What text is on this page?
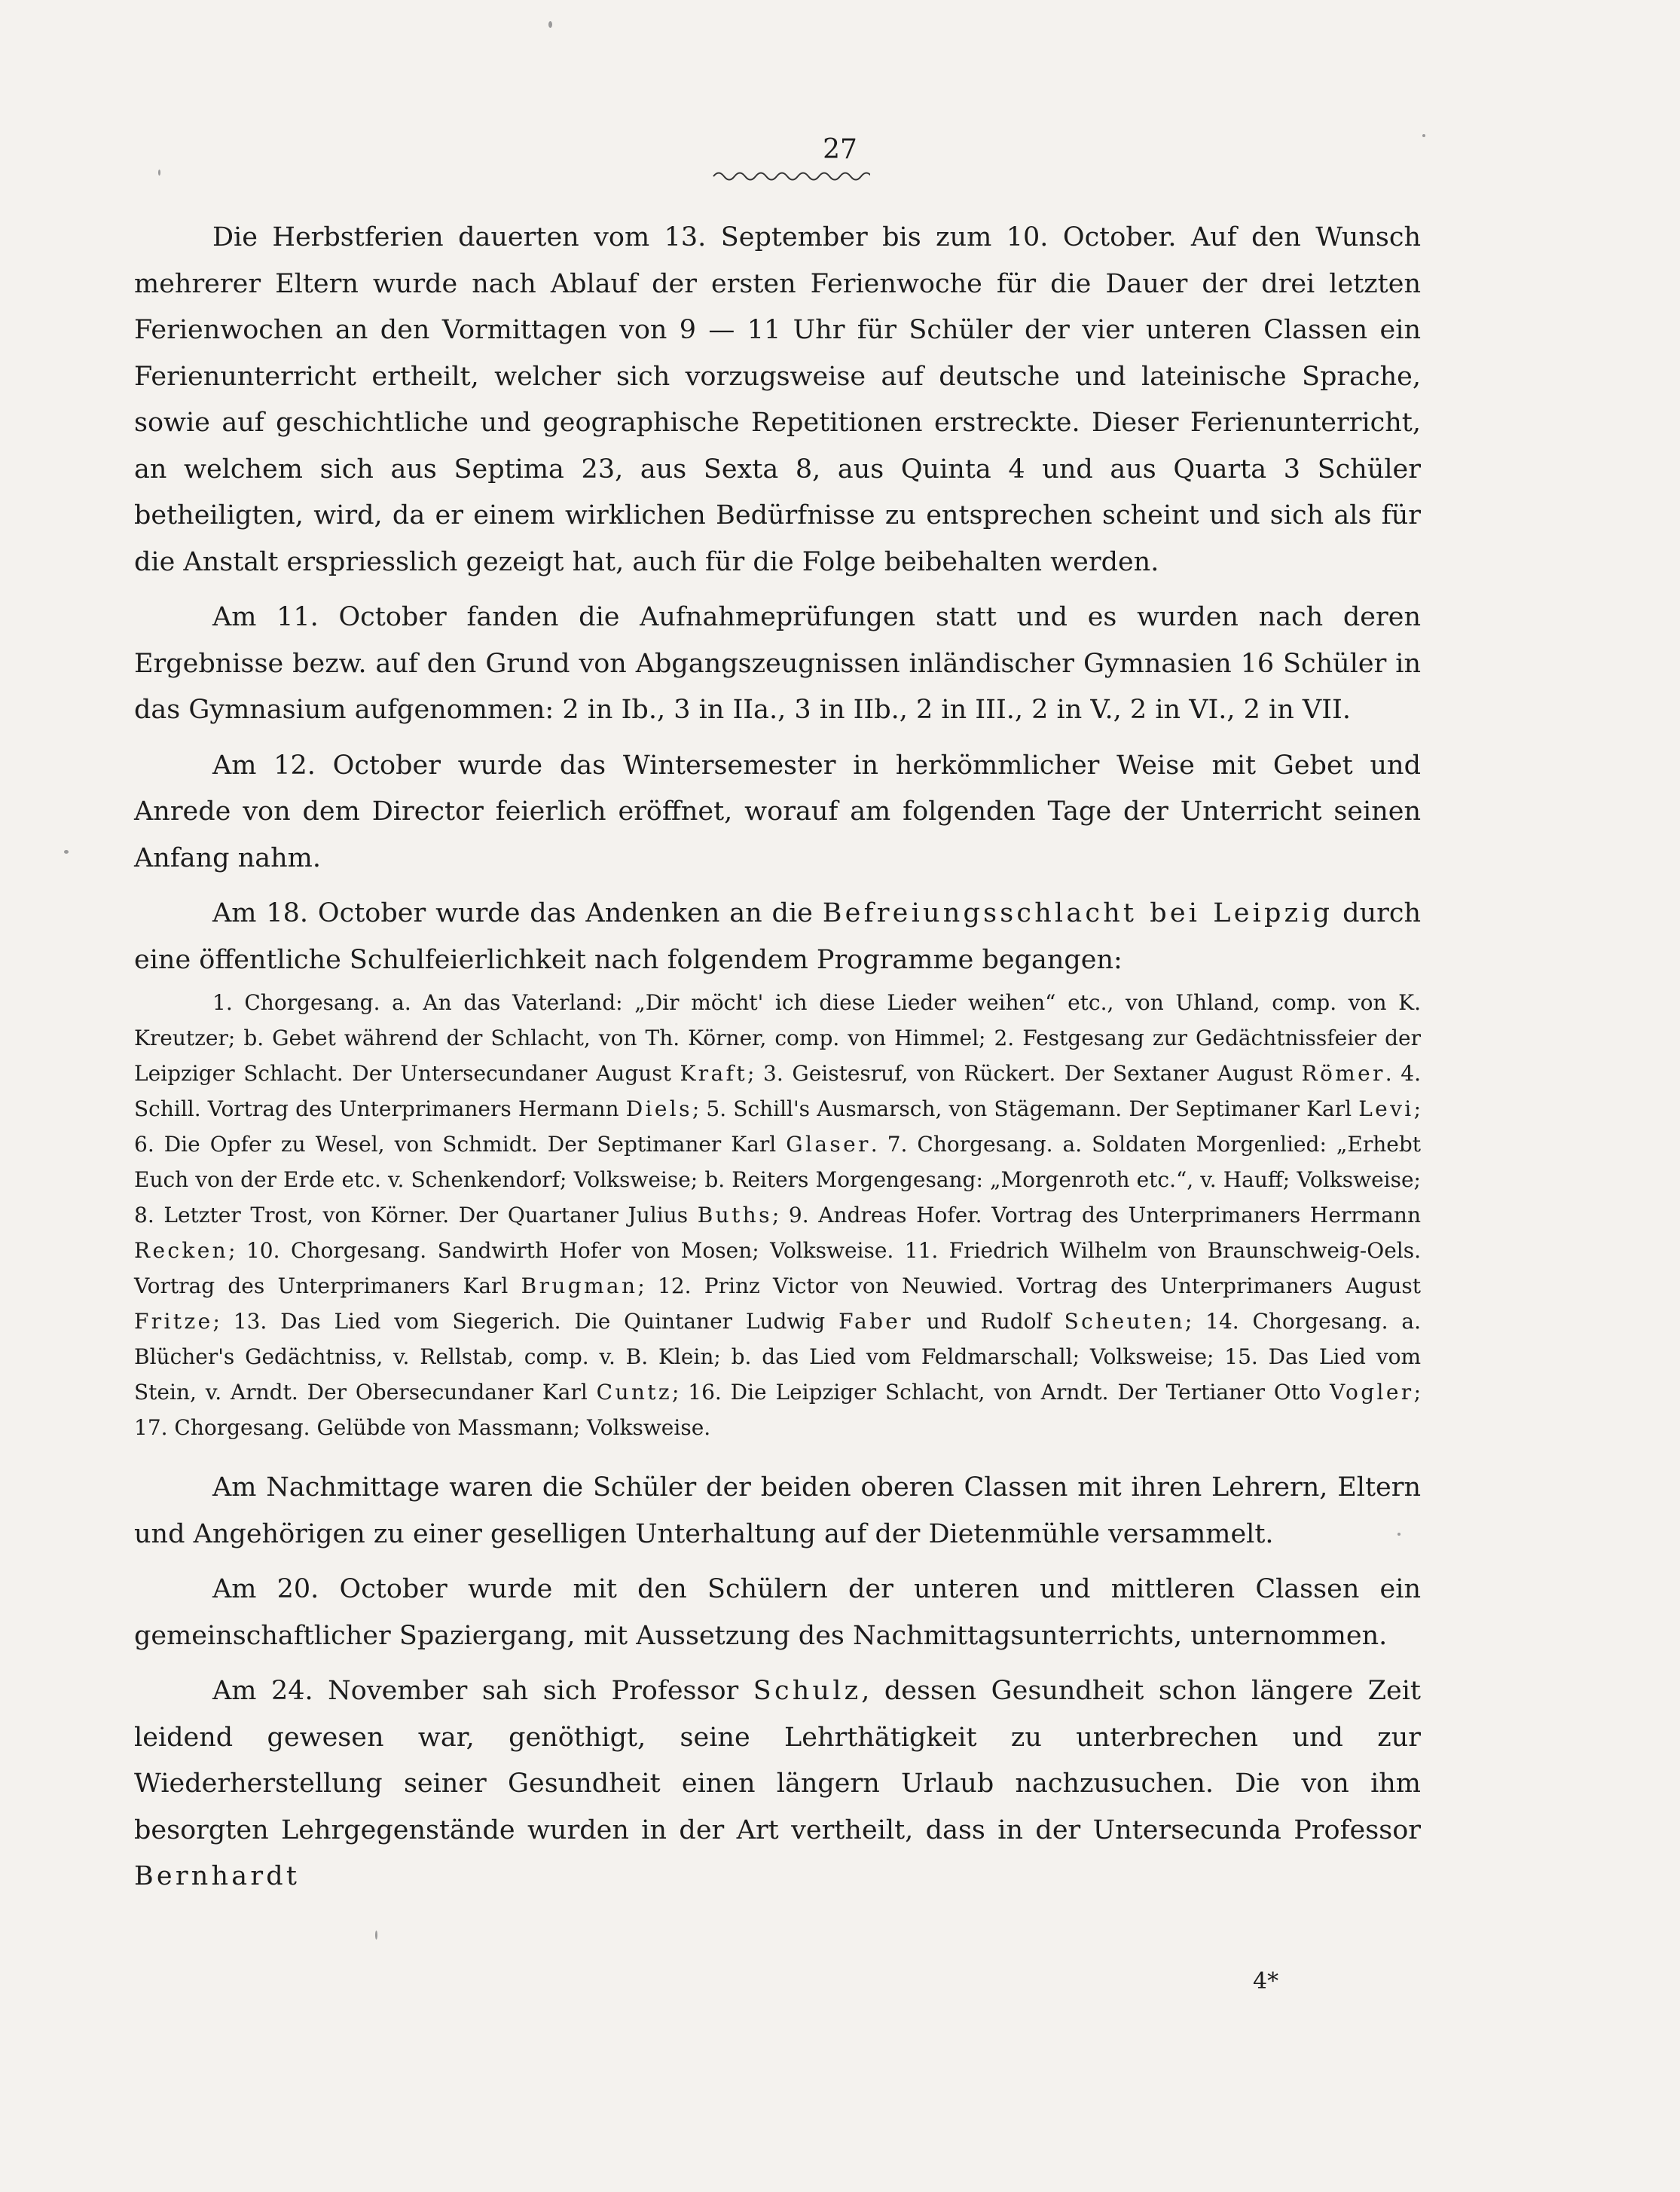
27

Die Herbstferien dauerten vom 13. September bis zum 10. October. Auf den Wunsch mehrerer Eltern wurde nach Ablauf der ersten Ferienwoche für die Dauer der drei letzten Ferienwochen an den Vormittagen von 9 — 11 Uhr für Schüler der vier unteren Classen ein Ferienunterricht ertheilt, welcher sich vorzugsweise auf deutsche und lateinische Sprache, sowie auf geschichtliche und geographische Repetitionen erstreckte. Dieser Ferienunterricht, an welchem sich aus Septima 23, aus Sexta 8, aus Quinta 4 und aus Quarta 3 Schüler betheiligten, wird, da er einem wirklichen Bedürfnisse zu entsprechen scheint und sich als für die Anstalt erspriesslich gezeigt hat, auch für die Folge beibehalten werden.

Am 11. October fanden die Aufnahmeprüfungen statt und es wurden nach deren Ergebnisse bezw. auf den Grund von Abgangszeugnissen inländischer Gymnasien 16 Schüler in das Gymnasium aufgenommen: 2 in Ib., 3 in IIa., 3 in IIb., 2 in III., 2 in V., 2 in VI., 2 in VII.

Am 12. October wurde das Wintersemester in herkömmlicher Weise mit Gebet und Anrede von dem Director feierlich eröffnet, worauf am folgenden Tage der Unterricht seinen Anfang nahm.

Am 18. October wurde das Andenken an die Befreiungsschlacht bei Leipzig durch eine öffentliche Schulfeierlichkeit nach folgendem Programme begangen:

1. Chorgesang. a. An das Vaterland: „Dir möcht' ich diese Lieder weihen“ etc., von Uhland, comp. von K. Kreutzer; b. Gebet während der Schlacht, von Th. Körner, comp. von Himmel; 2. Festgesang zur Gedächtnissfeier der Leipziger Schlacht. Der Untersecundaner August Kraft; 3. Geistesruf, von Rückert. Der Sextaner August Römer. 4. Schill. Vortrag des Unterprimaners Hermann Diels; 5. Schill's Ausmarsch, von Stägemann. Der Septimaner Karl Levi; 6. Die Opfer zu Wesel, von Schmidt. Der Septimaner Karl Glaser. 7. Chorgesang. a. Soldaten Morgenlied: „Erhebt Euch von der Erde etc. v. Schenkendorf; Volksweise; b. Reiters Morgengesang: „Morgenroth etc.“, v. Hauff; Volksweise; 8. Letzter Trost, von Körner. Der Quartaner Julius Buths; 9. Andreas Hofer. Vortrag des Unterprimaners Herrmann Recken; 10. Chorgesang. Sandwirth Hofer von Mosen; Volksweise. 11. Friedrich Wilhelm von Braunschweig-Oels. Vortrag des Unterprimaners Karl Brugman; 12. Prinz Victor von Neuwied. Vortrag des Unterprimaners August Fritze; 13. Das Lied vom Siegerich. Die Quintaner Ludwig Faber und Rudolf Scheuten; 14. Chorgesang. a. Blücher's Gedächtniss, v. Rellstab, comp. v. B. Klein; b. das Lied vom Feldmarschall; Volksweise; 15. Das Lied vom Stein, v. Arndt. Der Obersecundaner Karl Cuntz; 16. Die Leipziger Schlacht, von Arndt. Der Tertianer Otto Vogler; 17. Chorgesang. Gelübde von Massmann; Volksweise.

Am Nachmittage waren die Schüler der beiden oberen Classen mit ihren Lehrern, Eltern und Angehörigen zu einer geselligen Unterhaltung auf der Dietenmühle versammelt.

Am 20. October wurde mit den Schülern der unteren und mittleren Classen ein gemeinschaftlicher Spaziergang, mit Aussetzung des Nachmittagsunterrichts, unternommen.

Am 24. November sah sich Professor Schulz, dessen Gesundheit schon längere Zeit leidend gewesen war, genöthigt, seine Lehrthätigkeit zu unterbrechen und zur Wiederherstellung seiner Gesundheit einen längern Urlaub nachzusuchen. Die von ihm besorgten Lehrgegenstände wurden in der Art vertheilt, dass in der Untersecunda Professor Bernhardt

4*
